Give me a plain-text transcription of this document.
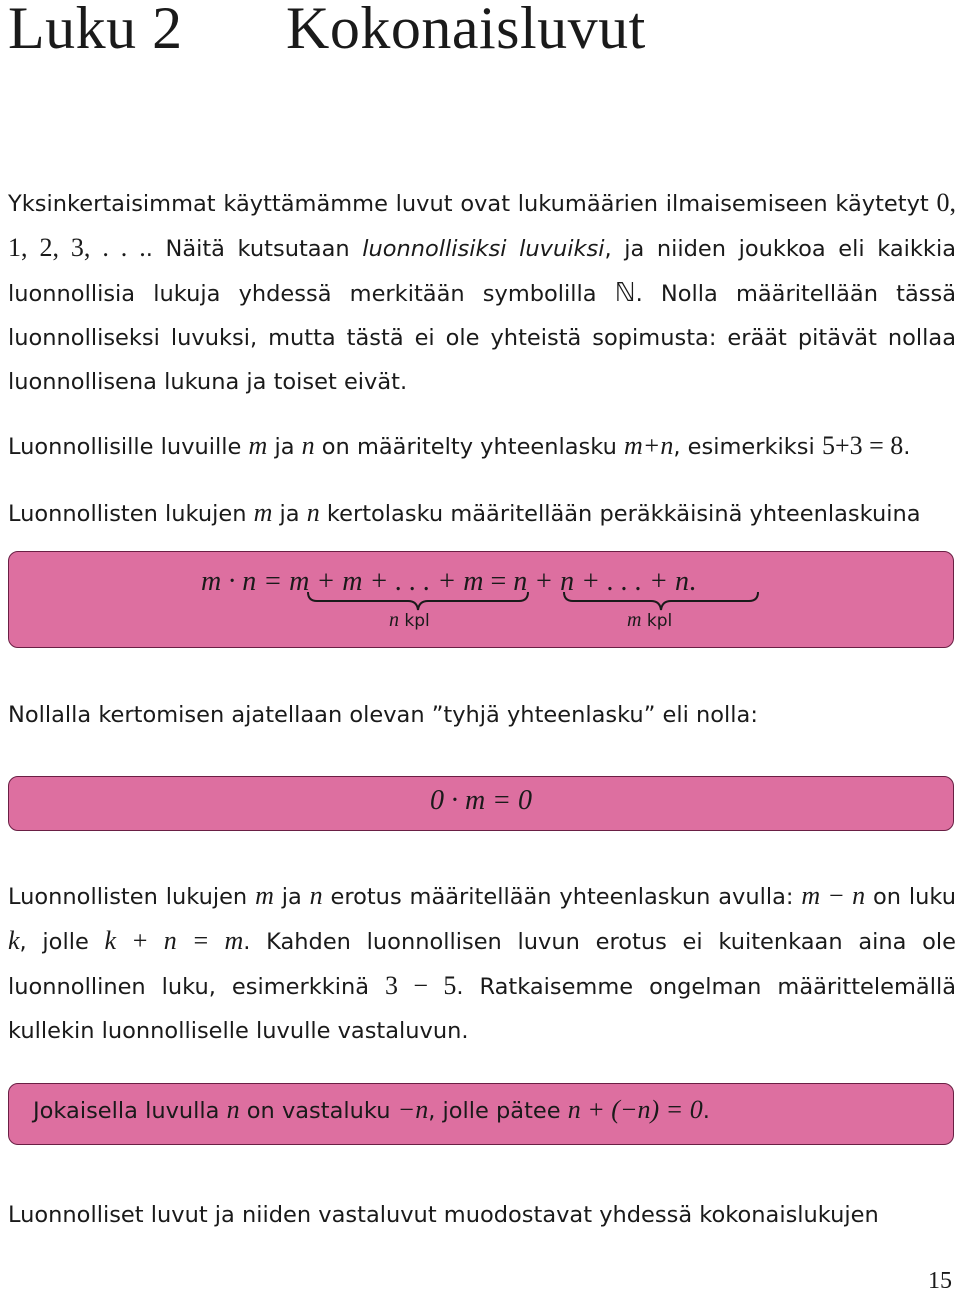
Luku 2 Kokonaisluvut

Yksinkertaisimmat käyttämämme luvut ovat lukumäärien ilmaisemiseen käytetyt 0, 1, 2, 3, . . .. Näitä kutsutaan luonnollisiksi luvuiksi, ja niiden joukkoa eli kaikkia luonnollisia lukuja yhdessä merkitään symbolilla ℕ. Nolla määritellään tässä luonnolliseksi luvuksi, mutta tästä ei ole yhteistä sopimusta: eräät pitävät nollaa luonnollisena lukuna ja toiset eivät.

Luonnollisille luvuille m ja n on määritelty yhteenlasku m+n, esimerkiksi 5+3 = 8.

Luonnollisten lukujen m ja n kertolasku määritellään peräkkäisinä yhteenlaskuina

m · n = m + m + . . . + m = n + n + . . . + n.
n kpl	m kpl

Nollalla kertomisen ajatellaan olevan ”tyhjä yhteenlasku” eli nolla:

0 · m = 0

Luonnollisten lukujen m ja n erotus määritellään yhteenlaskun avulla: m − n on luku k, jolle k + n = m. Kahden luonnollisen luvun erotus ei kuitenkaan aina ole luonnollinen luku, esimerkkinä 3 − 5. Ratkaisemme ongelman määrittelemällä kullekin luonnolliselle luvulle vastaluvun.

Jokaisella luvulla n on vastaluku −n, jolle pätee n + (−n) = 0.

Luonnolliset luvut ja niiden vastaluvut muodostavat yhdessä kokonaislukujen

15
